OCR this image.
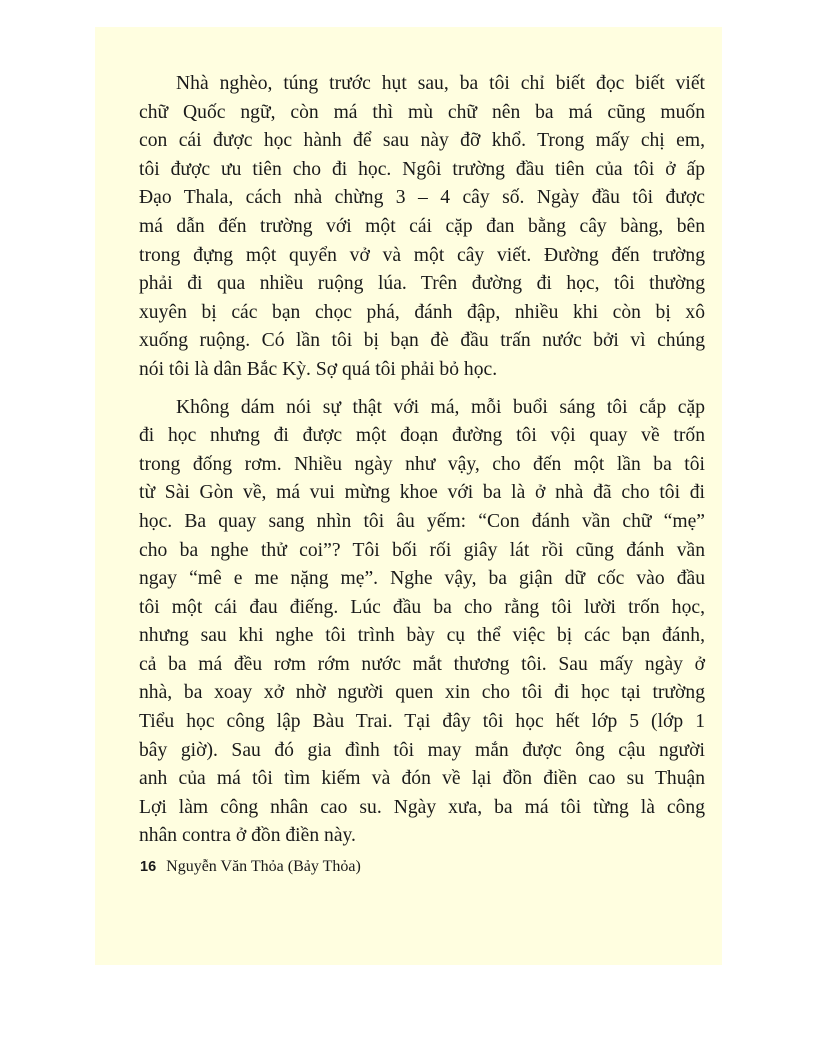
Nhà nghèo, túng trước hụt sau, ba tôi chỉ biết đọc biết viết
chữ Quốc ngữ, còn má thì mù chữ nên ba má cũng muốn
con cái được học hành để sau này đỡ khổ. Trong mấy chị em,
tôi được ưu tiên cho đi học. Ngôi trường đầu tiên của tôi ở ấp
Đạo Thala, cách nhà chừng 3 – 4 cây số. Ngày đầu tôi được
má dẫn đến trường với một cái cặp đan bằng cây bàng, bên
trong đựng một quyển vở và một cây viết. Đường đến trường
phải đi qua nhiều ruộng lúa. Trên đường đi học, tôi thường
xuyên bị các bạn chọc phá, đánh đập, nhiều khi còn bị xô
xuống ruộng. Có lần tôi bị bạn đè đầu trấn nước bởi vì chúng
nói tôi là dân Bắc Kỳ. Sợ quá tôi phải bỏ học.
Không dám nói sự thật với má, mỗi buổi sáng tôi cắp cặp
đi học nhưng đi được một đoạn đường tôi vội quay về trốn
trong đống rơm. Nhiều ngày như vậy, cho đến một lần ba tôi
từ Sài Gòn về, má vui mừng khoe với ba là ở nhà đã cho tôi đi
học. Ba quay sang nhìn tôi âu yếm: “Con đánh vần chữ “mẹ”
cho ba nghe thử coi”? Tôi bối rối giây lát rồi cũng đánh vần
ngay “mê e me nặng mẹ”. Nghe vậy, ba giận dữ cốc vào đầu
tôi một cái đau điếng. Lúc đầu ba cho rằng tôi lười trốn học,
nhưng sau khi nghe tôi trình bày cụ thể việc bị các bạn đánh,
cả ba má đều rơm rớm nước mắt thương tôi. Sau mấy ngày ở
nhà, ba xoay xở nhờ người quen xin cho tôi đi học tại trường
Tiểu học công lập Bàu Trai. Tại đây tôi học hết lớp 5 (lớp 1
bây giờ). Sau đó gia đình tôi may mắn được ông cậu người
anh của má tôi tìm kiếm và đón về lại đồn điền cao su Thuận
Lợi làm công nhân cao su. Ngày xưa, ba má tôi từng là công
nhân contra ở đồn điền này.
16 Nguyễn Văn Thỏa (Bảy Thỏa)
